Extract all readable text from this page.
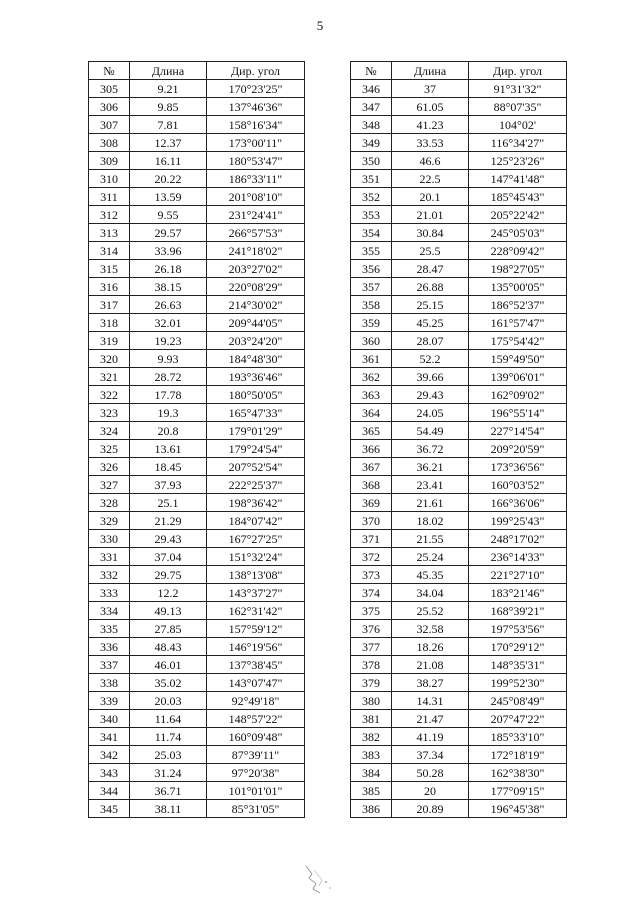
5
№	Длина	Дир. угол
305	9.21	170°23'25"
306	9.85	137°46'36"
307	7.81	158°16'34"
308	12.37	173°00'11"
309	16.11	180°53'47"
310	20.22	186°33'11"
311	13.59	201°08'10"
312	9.55	231°24'41"
313	29.57	266°57'53"
314	33.96	241°18'02"
315	26.18	203°27'02"
316	38.15	220°08'29"
317	26.63	214°30'02"
318	32.01	209°44'05"
319	19.23	203°24'20"
320	9.93	184°48'30"
321	28.72	193°36'46"
322	17.78	180°50'05"
323	19.3	165°47'33"
324	20.8	179°01'29"
325	13.61	179°24'54"
326	18.45	207°52'54"
327	37.93	222°25'37"
328	25.1	198°36'42"
329	21.29	184°07'42"
330	29.43	167°27'25"
331	37.04	151°32'24"
332	29.75	138°13'08"
333	12.2	143°37'27"
334	49.13	162°31'42"
335	27.85	157°59'12"
336	48.43	146°19'56"
337	46.01	137°38'45"
338	35.02	143°07'47"
339	20.03	92°49'18"
340	11.64	148°57'22"
341	11.74	160°09'48"
342	25.03	87°39'11"
343	31.24	97°20'38"
344	36.71	101°01'01"
345	38.11	85°31'05"
№	Длина	Дир. угол
346	37	91°31'32"
347	61.05	88°07'35"
348	41.23	104°02'
349	33.53	116°34'27"
350	46.6	125°23'26"
351	22.5	147°41'48"
352	20.1	185°45'43"
353	21.01	205°22'42"
354	30.84	245°05'03"
355	25.5	228°09'42"
356	28.47	198°27'05"
357	26.88	135°00'05"
358	25.15	186°52'37"
359	45.25	161°57'47"
360	28.07	175°54'42"
361	52.2	159°49'50"
362	39.66	139°06'01"
363	29.43	162°09'02"
364	24.05	196°55'14"
365	54.49	227°14'54"
366	36.72	209°20'59"
367	36.21	173°36'56"
368	23.41	160°03'52"
369	21.61	166°36'06"
370	18.02	199°25'43"
371	21.55	248°17'02"
372	25.24	236°14'33"
373	45.35	221°27'10"
374	34.04	183°21'46"
375	25.52	168°39'21"
376	32.58	197°53'56"
377	18.26	170°29'12"
378	21.08	148°35'31"
379	38.27	199°52'30"
380	14.31	245°08'49"
381	21.47	207°47'22"
382	41.19	185°33'10"
383	37.34	172°18'19"
384	50.28	162°38'30"
385	20	177°09'15"
386	20.89	196°45'38"
